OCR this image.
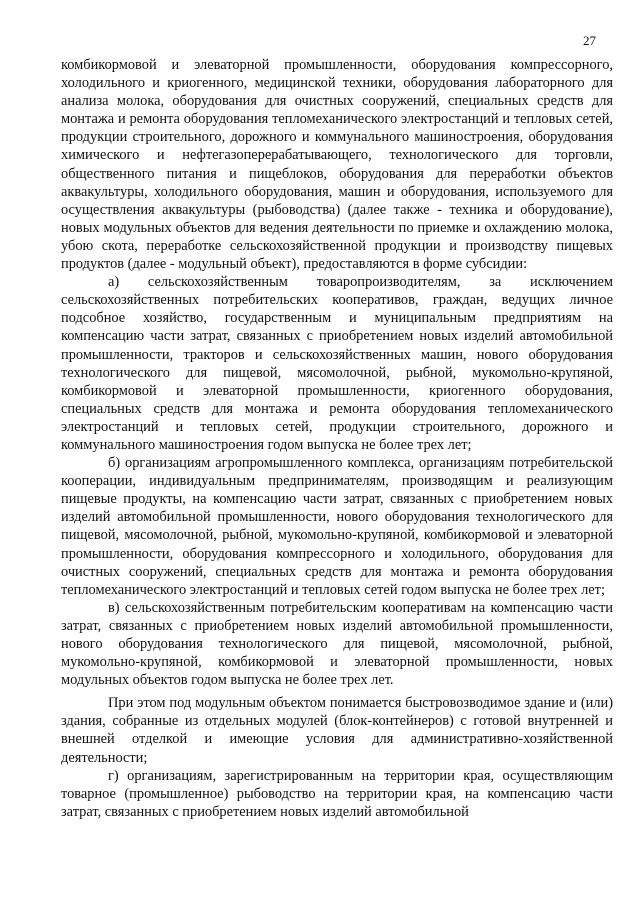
27

комбикормовой и элеваторной промышленности, оборудования компрессорного, холодильного и криогенного, медицинской техники, оборудования лабораторного для анализа молока, оборудования для очистных сооружений, специальных средств для монтажа и ремонта оборудования тепломеханического электростанций и тепловых сетей, продукции строительного, дорожного и коммунального машиностроения, оборудования химического и нефтегазоперерабатывающего, технологического для торговли, общественного питания и пищеблоков, оборудования для переработки объектов аквакультуры, холодильного оборудования, машин и оборудования, используемого для осуществления аквакультуры (рыбоводства) (далее также - техника и оборудование), новых модульных объектов для ведения деятельности по приемке и охлаждению молока, убою скота, переработке сельскохозяйственной продукции и производству пищевых продуктов (далее - модульный объект), предоставляются в форме субсидии:

а) сельскохозяйственным товаропроизводителям, за исключением сельскохозяйственных потребительских кооперативов, граждан, ведущих личное подсобное хозяйство, государственным и муниципальным предприятиям на компенсацию части затрат, связанных с приобретением новых изделий автомобильной промышленности, тракторов и сельскохозяйственных машин, нового оборудования технологического для пищевой, мясомолочной, рыбной, мукомольно-крупяной, комбикормовой и элеваторной промышленности, криогенного оборудования, специальных средств для монтажа и ремонта оборудования тепломеханического электростанций и тепловых сетей, продукции строительного, дорожного и коммунального машиностроения годом выпуска не более трех лет;

б) организациям агропромышленного комплекса, организациям потребительской кооперации, индивидуальным предпринимателям, производящим и реализующим пищевые продукты, на компенсацию части затрат, связанных с приобретением новых изделий автомобильной промышленности, нового оборудования технологического для пищевой, мясомолочной, рыбной, мукомольно-крупяной, комбикормовой и элеваторной промышленности, оборудования компрессорного и холодильного, оборудования для очистных сооружений, специальных средств для монтажа и ремонта оборудования тепломеханического электростанций и тепловых сетей годом выпуска не более трех лет;

в) сельскохозяйственным потребительским кооперативам на компенсацию части затрат, связанных с приобретением новых изделий автомобильной промышленности, нового оборудования технологического для пищевой, мясомолочной, рыбной, мукомольно-крупяной, комбикормовой и элеваторной промышленности, новых модульных объектов годом выпуска не более трех лет.

При этом под модульным объектом понимается быстровозводимое здание и (или) здания, собранные из отдельных модулей (блок-контейнеров) с готовой внутренней и внешней отделкой и имеющие условия для административно-хозяйственной деятельности;

г) организациям, зарегистрированным на территории края, осуществляющим товарное (промышленное) рыбоводство на территории края, на компенсацию части затрат, связанных с приобретением новых изделий автомобильной
